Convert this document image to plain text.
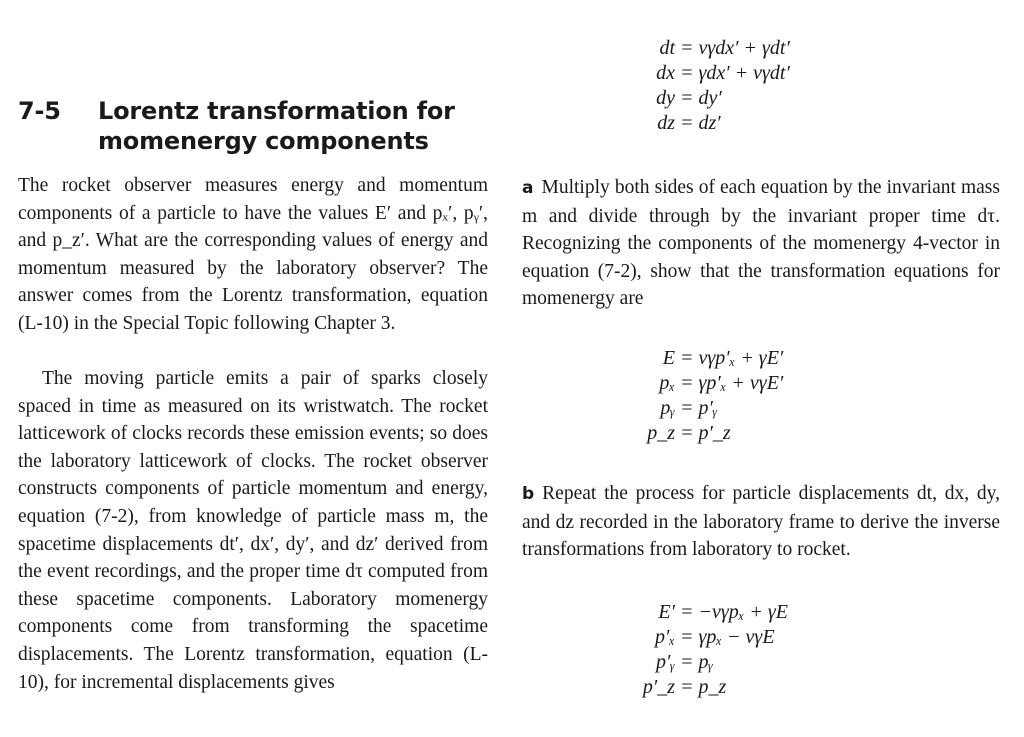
dt = vγdx′ + γdt′
dx = γdx′ + vγdt′
dy = dy′
dz = dz′
7-5 Lorentz transformation for
momenergy components

The rocket observer measures energy and momentum components of a particle to have the values E′ and pₓ′, pᵧ′, and p_z′. What are the corresponding values of energy and momentum measured by the laboratory observer? The answer comes from the Lorentz transformation, equation (L-10) in the Special Topic following Chapter 3.

The moving particle emits a pair of sparks closely spaced in time as measured on its wristwatch. The rocket latticework of clocks records these emission events; so does the laboratory latticework of clocks. The rocket observer constructs components of particle momentum and energy, equation (7-2), from knowledge of particle mass m, the spacetime displacements dt′, dx′, dy′, and dz′ derived from the event recordings, and the proper time dτ computed from these spacetime components. Laboratory momenergy components come from transforming the spacetime displacements. The Lorentz transformation, equation (L-10), for incremental displacements gives

a Multiply both sides of each equation by the invariant mass m and divide through by the invariant proper time dτ. Recognizing the components of the momenergy 4-vector in equation (7-2), show that the transformation equations for momenergy are

E = vγp′ₓ + γE′
pₓ = γp′ₓ + vγE′
pᵧ = p′ᵧ
p_z = p′_z

b Repeat the process for particle displacements dt, dx, dy, and dz recorded in the laboratory frame to derive the inverse transformations from laboratory to rocket.

E′ = −vγpₓ + γE
p′ₓ = γpₓ − vγE
p′ᵧ = pᵧ
p′_z = p_z
